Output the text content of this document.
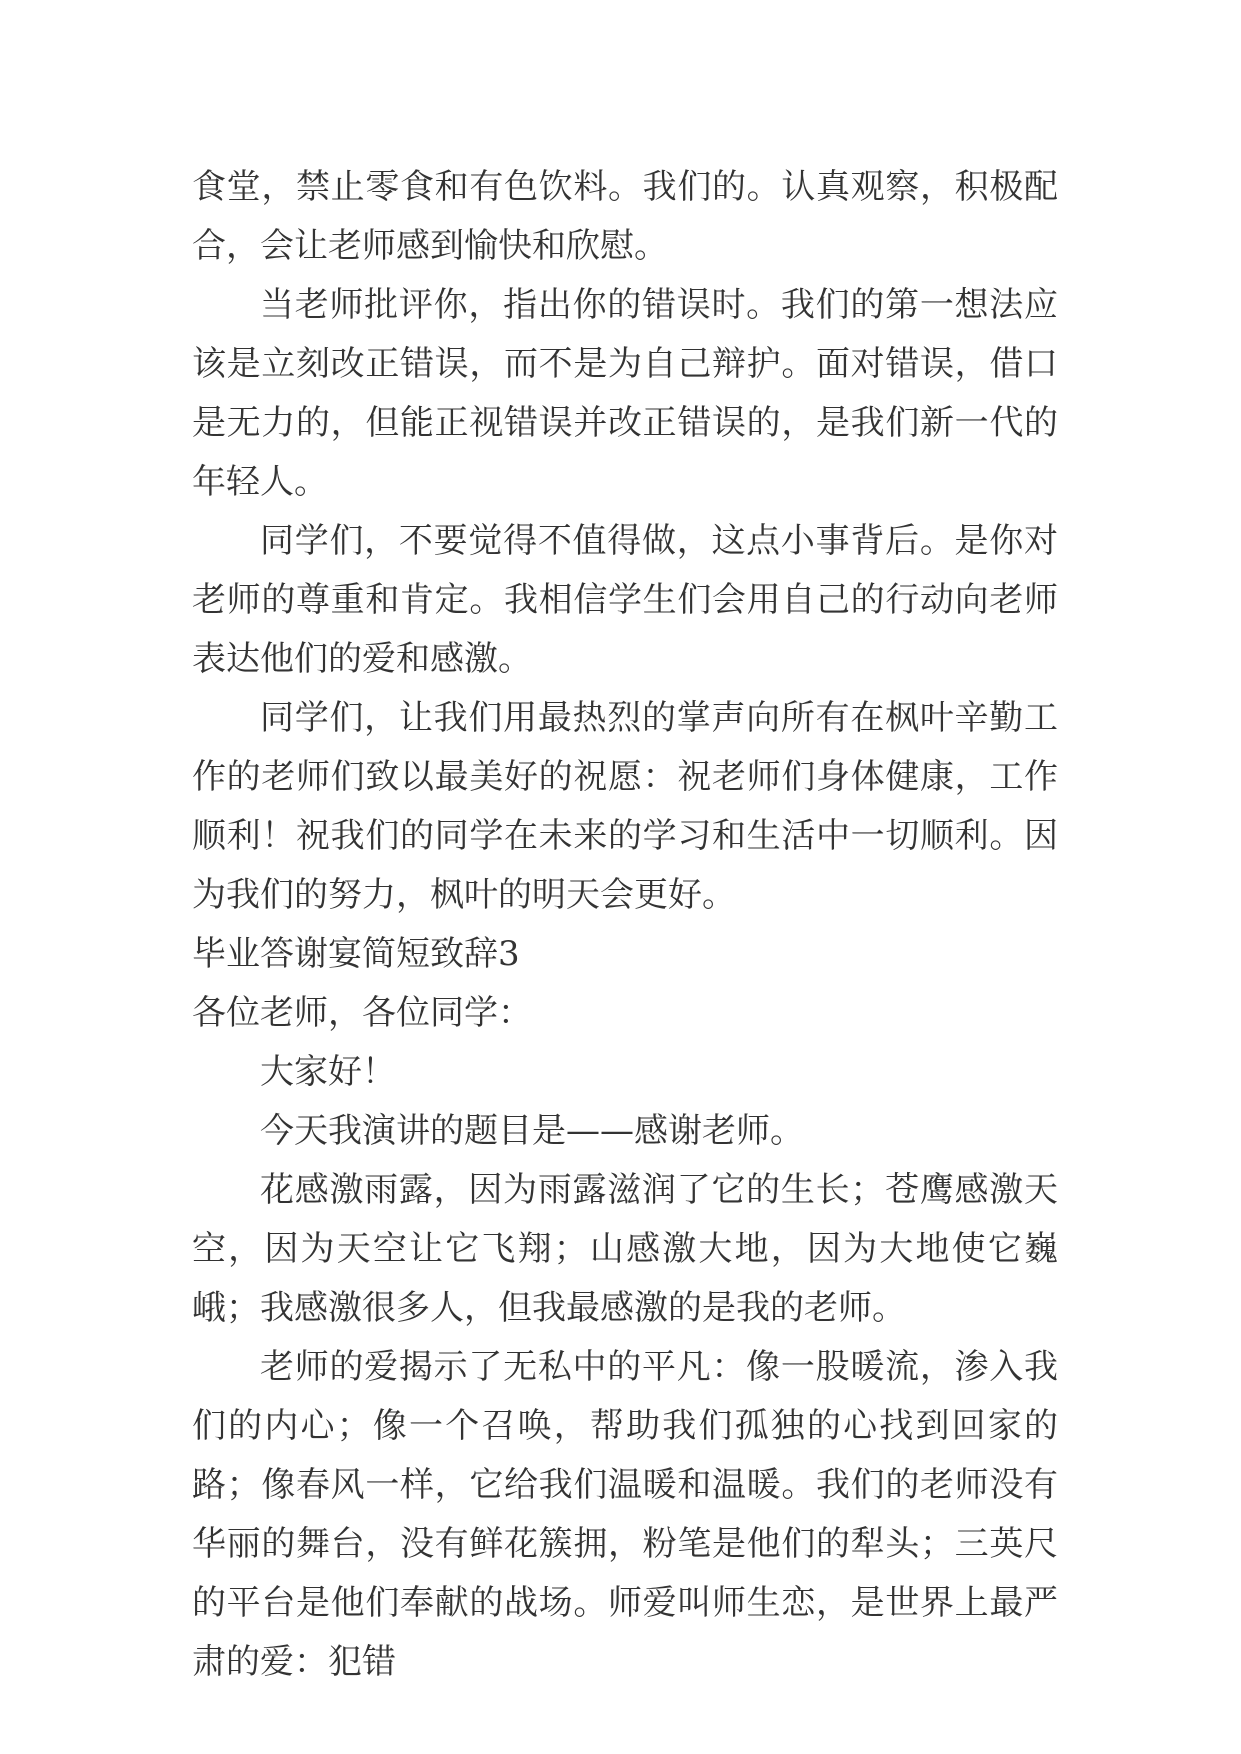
食堂，禁止零食和有色饮料。我们的。认真观察，积极配合，会让老师感到愉快和欣慰。

当老师批评你，指出你的错误时。我们的第一想法应该是立刻改正错误，而不是为自己辩护。面对错误，借口是无力的，但能正视错误并改正错误的，是我们新一代的年轻人。

同学们，不要觉得不值得做，这点小事背后。是你对老师的尊重和肯定。我相信学生们会用自己的行动向老师表达他们的爱和感激。

同学们，让我们用最热烈的掌声向所有在枫叶辛勤工作的老师们致以最美好的祝愿：祝老师们身体健康，工作顺利！祝我们的同学在未来的学习和生活中一切顺利。因为我们的努力，枫叶的明天会更好。

毕业答谢宴简短致辞3

各位老师，各位同学：

大家好！

今天我演讲的题目是——感谢老师。

花感激雨露，因为雨露滋润了它的生长；苍鹰感激天空，因为天空让它飞翔；山感激大地，因为大地使它巍峨；我感激很多人，但我最感激的是我的老师。

老师的爱揭示了无私中的平凡：像一股暖流，渗入我们的内心；像一个召唤，帮助我们孤独的心找到回家的路；像春风一样，它给我们温暖和温暖。我们的老师没有华丽的舞台，没有鲜花簇拥，粉笔是他们的犁头；三英尺的平台是他们奉献的战场。师爱叫师生恋，是世界上最严肃的爱：犯错
